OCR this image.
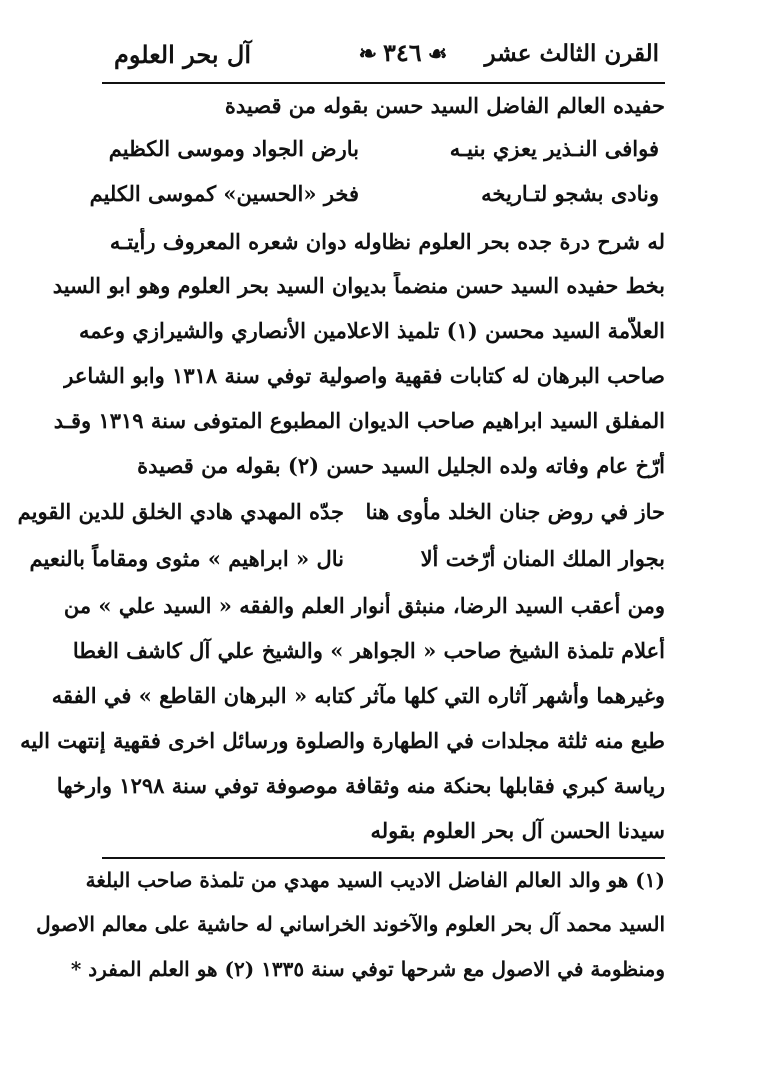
آل بحر العلوم	❧ ٣٤٦ ☙	القرن الثالث عشر
حفيده العالم الفاضل السيد حسن بقوله من قصيدة
فوافى النـذير يعزي بنيـه
بارض الجواد وموسى الكظيم
ونادى بشجو لتـاريخه
فخر «الحسين» كموسى الكليم
له شرح درة جده بحر العلوم نظاوله دوان شعره المعروف رأيتـه
بخط حفيده السيد حسن منضماً بديوان السيد بحر العلوم وهو ابو السيد
العلاّمة السيد محسن (١) تلميذ الاعلامين الأنصاري والشيرازي وعمه
صاحب البرهان له كتابات فقهية واصولية توفي سنة ١٣١٨ وابو الشاعر
المفلق السيد ابراهيم صاحب الديوان المطبوع المتوفى سنة ١٣١٩ وقـد
أرّخ عام وفاته ولده الجليل السيد حسن (٢) بقوله من قصيدة
حاز في روض جنان الخلد مأوى هنا
جدّه المهدي هادي الخلق للدين القويم
بجوار الملك المنان أرّخت ألا
نال « ابراهيم » مثوى ومقاماً بالنعيم
ومن أعقب السيد الرضا، منبثق أنوار العلم والفقه « السيد علي » من
أعلام تلمذة الشيخ صاحب « الجواهر » والشيخ علي آل كاشف الغطا
وغيرهما وأشهر آثاره التي كلها مآثر كتابه « البرهان القاطع » في الفقه
طبع منه ثلثة مجلدات في الطهارة والصلوة ورسائل اخرى فقهية إنتهت اليه
رياسة كبري فقابلها بحنكة منه وثقافة موصوفة توفي سنة ١٢٩٨ وارخها
سيدنا الحسن آل بحر العلوم بقوله
(١) هو والد العالم الفاضل الاديب السيد مهدي من تلمذة صاحب البلغة
السيد محمد آل بحر العلوم والآخوند الخراساني له حاشية على معالم الاصول
ومنظومة في الاصول مع شرحها توفي سنة ١٣٣٥ (٢) هو العلم المفرد *
